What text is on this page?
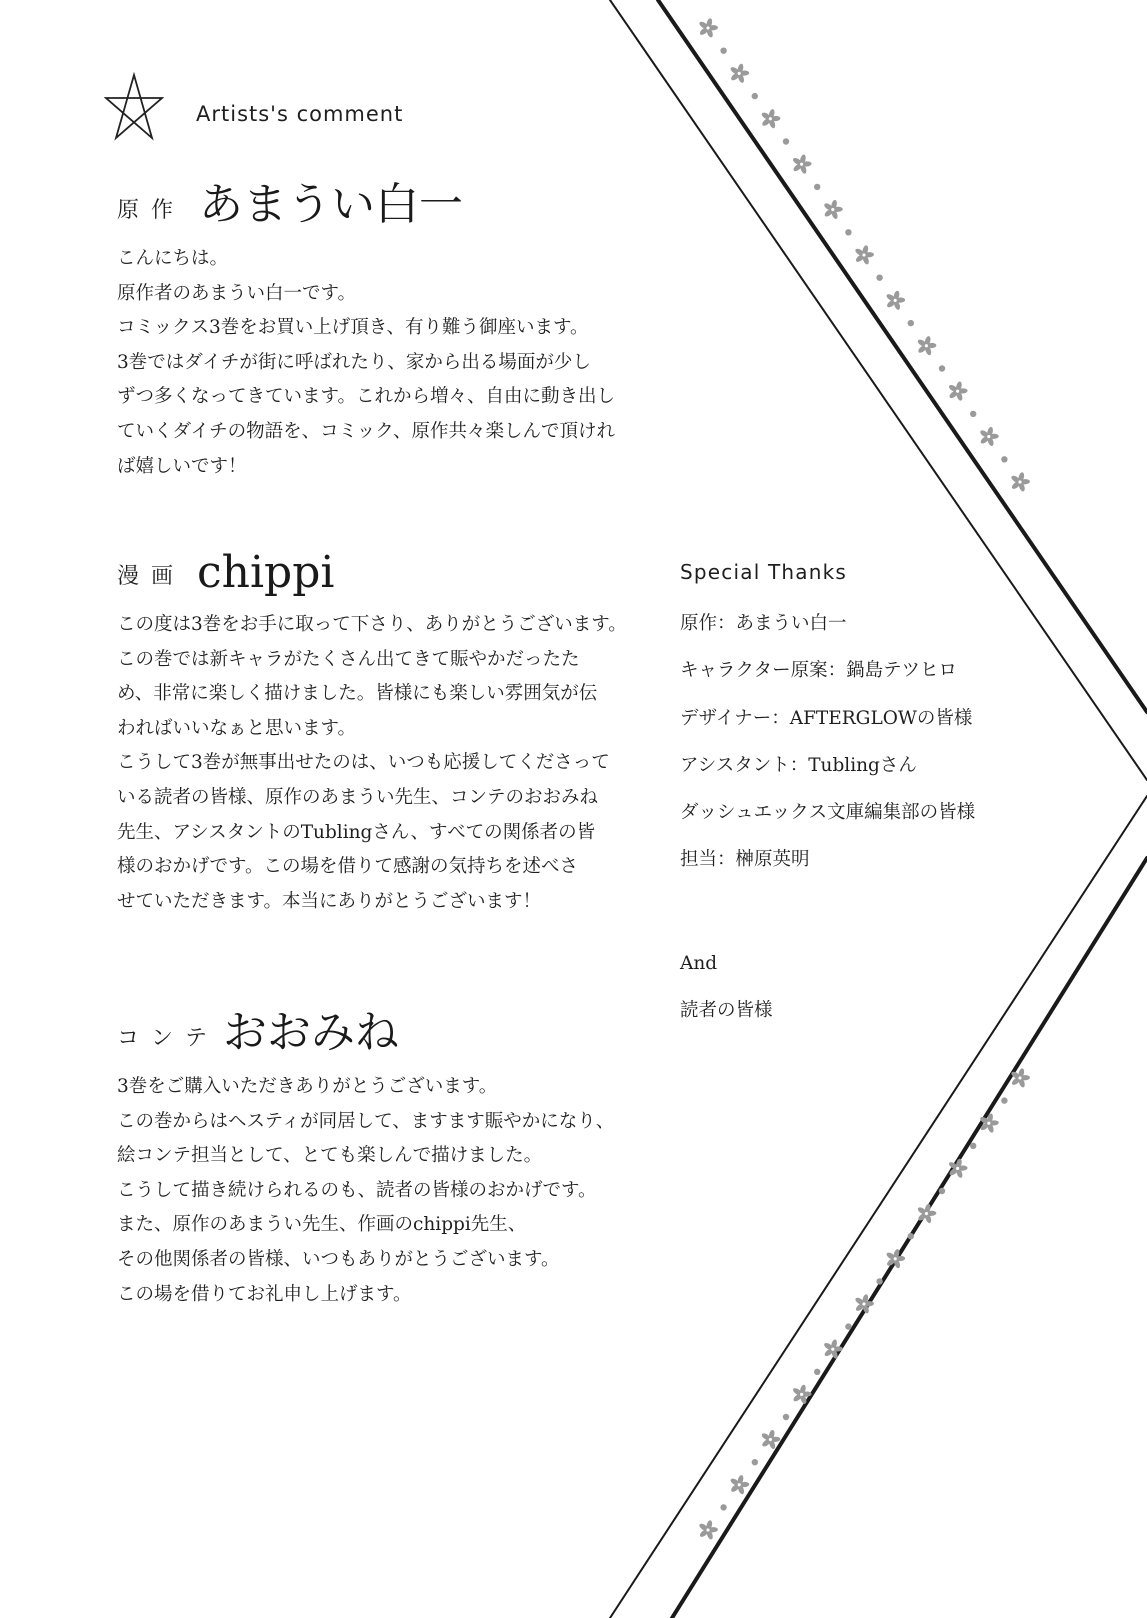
Artists's comment
原作 あまうい白一
こんにちは。
原作者のあまうい白一です。
コミックス3巻をお買い上げ頂き、有り難う御座います。
3巻ではダイチが街に呼ばれたり、家から出る場面が少し
ずつ多くなってきています。これから増々、自由に動き出し
ていくダイチの物語を、コミック、原作共々楽しんで頂けれ
ば嬉しいです！
漫画 chippi
この度は3巻をお手に取って下さり、ありがとうございます。
この巻では新キャラがたくさん出てきて賑やかだったた
め、非常に楽しく描けました。皆様にも楽しい雰囲気が伝
わればいいなぁと思います。
こうして3巻が無事出せたのは、いつも応援してくださって
いる読者の皆様、原作のあまうい先生、コンテのおおみね
先生、アシスタントのTublingさん、すべての関係者の皆
様のおかげです。この場を借りて感謝の気持ちを述べさ
せていただきます。本当にありがとうございます！
コンテ おおみね
3巻をご購入いただきありがとうございます。
この巻からはヘスティが同居して、ますます賑やかになり、
絵コンテ担当として、とても楽しんで描けました。
こうして描き続けられるのも、読者の皆様のおかげです。
また、原作のあまうい先生、作画のchippi先生、
その他関係者の皆様、いつもありがとうございます。
この場を借りてお礼申し上げます。
Special Thanks
原作：あまうい白一
キャラクター原案：鍋島テツヒロ
デザイナー：AFTERGLOWの皆様
アシスタント：Tublingさん
ダッシュエックス文庫編集部の皆様
担当：榊原英明
And
読者の皆様
